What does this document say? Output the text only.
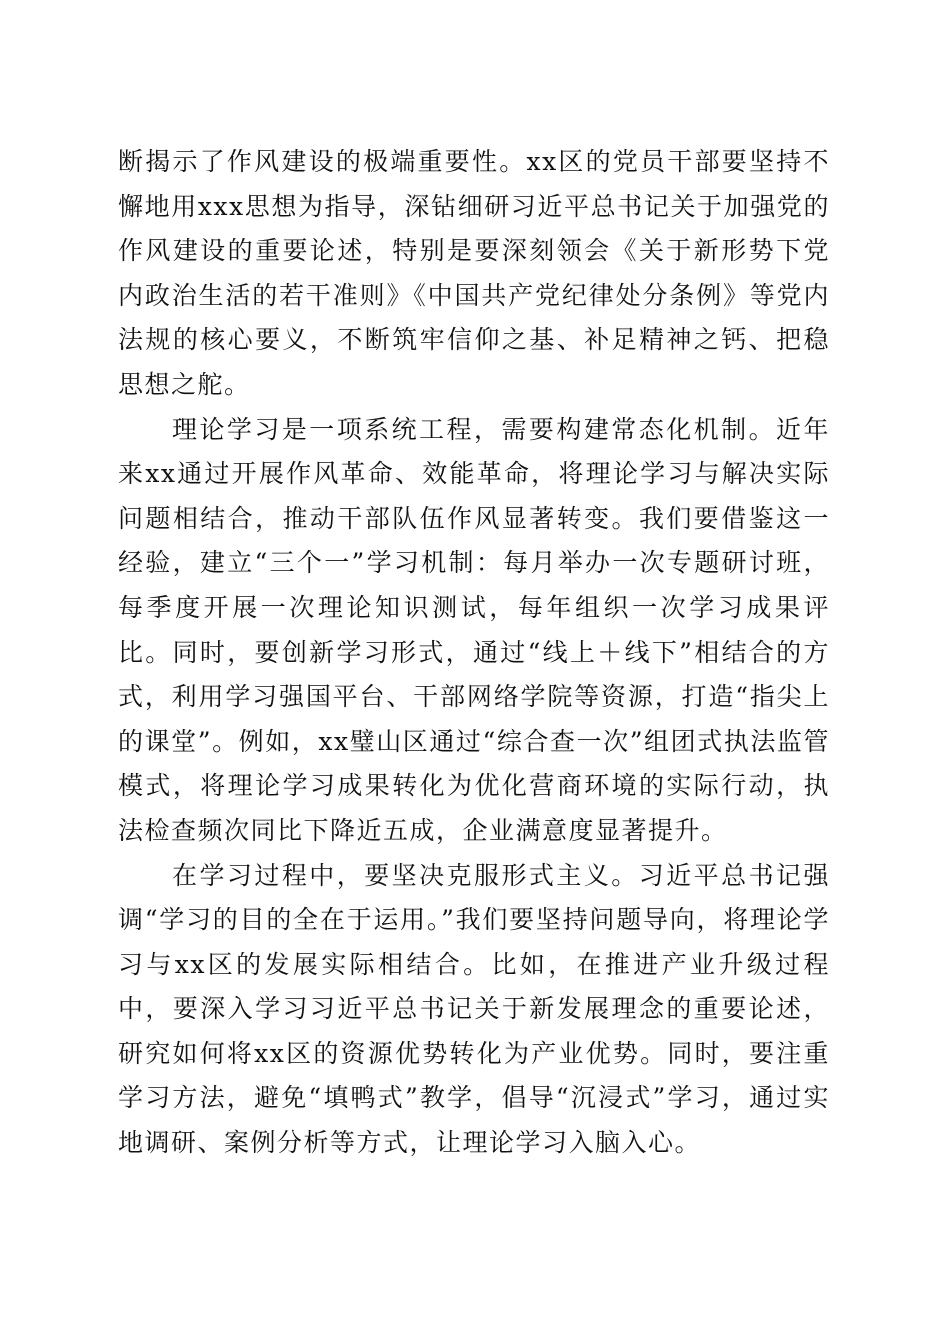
断揭示了作风建设的极端重要性。xx区的党员干部要坚持不懈地用xxx思想为指导，深钻细研习近平总书记关于加强党的作风建设的重要论述，特别是要深刻领会《关于新形势下党内政治生活的若干准则》《中国共产党纪律处分条例》等党内法规的核心要义，不断筑牢信仰之基、补足精神之钙、把稳思想之舵。

理论学习是一项系统工程，需要构建常态化机制。近年来xx通过开展作风革命、效能革命，将理论学习与解决实际问题相结合，推动干部队伍作风显著转变。我们要借鉴这一经验，建立“三个一”学习机制：每月举办一次专题研讨班，每季度开展一次理论知识测试，每年组织一次学习成果评比。同时，要创新学习形式，通过“线上＋线下”相结合的方式，利用学习强国平台、干部网络学院等资源，打造“指尖上的课堂”。例如，xx璧山区通过“综合查一次”组团式执法监管模式，将理论学习成果转化为优化营商环境的实际行动，执法检查频次同比下降近五成，企业满意度显著提升。

在学习过程中，要坚决克服形式主义。习近平总书记强调“学习的目的全在于运用。”我们要坚持问题导向，将理论学习与xx区的发展实际相结合。比如，在推进产业升级过程中，要深入学习习近平总书记关于新发展理念的重要论述，研究如何将xx区的资源优势转化为产业优势。同时，要注重学习方法，避免“填鸭式”教学，倡导“沉浸式”学习，通过实地调研、案例分析等方式，让理论学习入脑入心。
